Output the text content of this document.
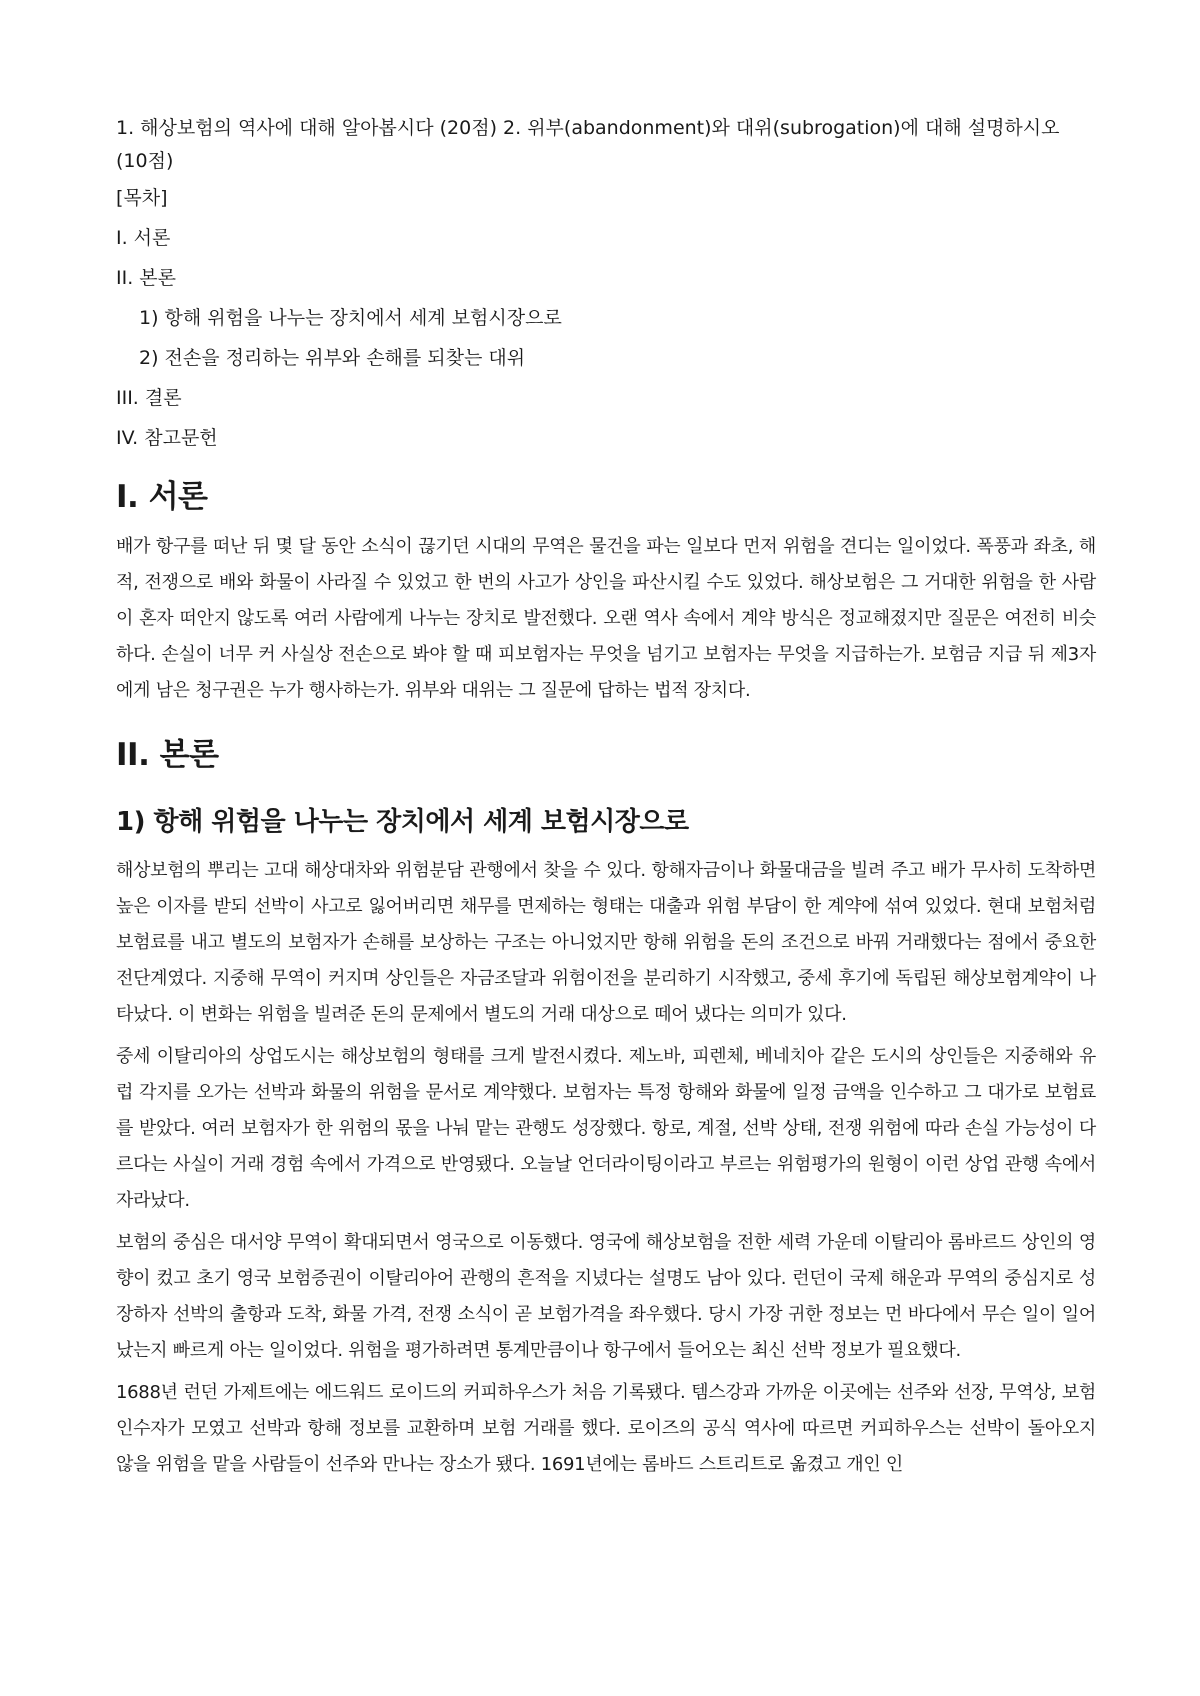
1. 해상보험의 역사에 대해 알아봅시다 (20점) 2. 위부(abandonment)와 대위(subrogation)에 대해 설명하시오 (10점)

[목차]
I. 서론
II. 본론
1) 항해 위험을 나누는 장치에서 세계 보험시장으로
2) 전손을 정리하는 위부와 손해를 되찾는 대위
III. 결론
IV. 참고문헌
I. 서론

배가 항구를 떠난 뒤 몇 달 동안 소식이 끊기던 시대의 무역은 물건을 파는 일보다 먼저 위험을 견디는 일이었다. 폭풍과 좌초, 해적, 전쟁으로 배와 화물이 사라질 수 있었고 한 번의 사고가 상인을 파산시킬 수도 있었다. 해상보험은 그 거대한 위험을 한 사람이 혼자 떠안지 않도록 여러 사람에게 나누는 장치로 발전했다. 오랜 역사 속에서 계약 방식은 정교해졌지만 질문은 여전히 비슷하다. 손실이 너무 커 사실상 전손으로 봐야 할 때 피보험자는 무엇을 넘기고 보험자는 무엇을 지급하는가. 보험금 지급 뒤 제3자에게 남은 청구권은 누가 행사하는가. 위부와 대위는 그 질문에 답하는 법적 장치다.

II. 본론
1) 항해 위험을 나누는 장치에서 세계 보험시장으로

해상보험의 뿌리는 고대 해상대차와 위험분담 관행에서 찾을 수 있다. 항해자금이나 화물대금을 빌려 주고 배가 무사히 도착하면 높은 이자를 받되 선박이 사고로 잃어버리면 채무를 면제하는 형태는 대출과 위험 부담이 한 계약에 섞여 있었다. 현대 보험처럼 보험료를 내고 별도의 보험자가 손해를 보상하는 구조는 아니었지만 항해 위험을 돈의 조건으로 바꿔 거래했다는 점에서 중요한 전단계였다. 지중해 무역이 커지며 상인들은 자금조달과 위험이전을 분리하기 시작했고, 중세 후기에 독립된 해상보험계약이 나타났다. 이 변화는 위험을 빌려준 돈의 문제에서 별도의 거래 대상으로 떼어 냈다는 의미가 있다.

중세 이탈리아의 상업도시는 해상보험의 형태를 크게 발전시켰다. 제노바, 피렌체, 베네치아 같은 도시의 상인들은 지중해와 유럽 각지를 오가는 선박과 화물의 위험을 문서로 계약했다. 보험자는 특정 항해와 화물에 일정 금액을 인수하고 그 대가로 보험료를 받았다. 여러 보험자가 한 위험의 몫을 나눠 맡는 관행도 성장했다. 항로, 계절, 선박 상태, 전쟁 위험에 따라 손실 가능성이 다르다는 사실이 거래 경험 속에서 가격으로 반영됐다. 오늘날 언더라이팅이라고 부르는 위험평가의 원형이 이런 상업 관행 속에서 자라났다.

보험의 중심은 대서양 무역이 확대되면서 영국으로 이동했다. 영국에 해상보험을 전한 세력 가운데 이탈리아 롬바르드 상인의 영향이 컸고 초기 영국 보험증권이 이탈리아어 관행의 흔적을 지녔다는 설명도 남아 있다. 런던이 국제 해운과 무역의 중심지로 성장하자 선박의 출항과 도착, 화물 가격, 전쟁 소식이 곧 보험가격을 좌우했다. 당시 가장 귀한 정보는 먼 바다에서 무슨 일이 일어났는지 빠르게 아는 일이었다. 위험을 평가하려면 통계만큼이나 항구에서 들어오는 최신 선박 정보가 필요했다.

1688년 런던 가제트에는 에드워드 로이드의 커피하우스가 처음 기록됐다. 템스강과 가까운 이곳에는 선주와 선장, 무역상, 보험 인수자가 모였고 선박과 항해 정보를 교환하며 보험 거래를 했다. 로이즈의 공식 역사에 따르면 커피하우스는 선박이 돌아오지 않을 위험을 맡을 사람들이 선주와 만나는 장소가 됐다. 1691년에는 롬바드 스트리트로 옮겼고 개인 인
